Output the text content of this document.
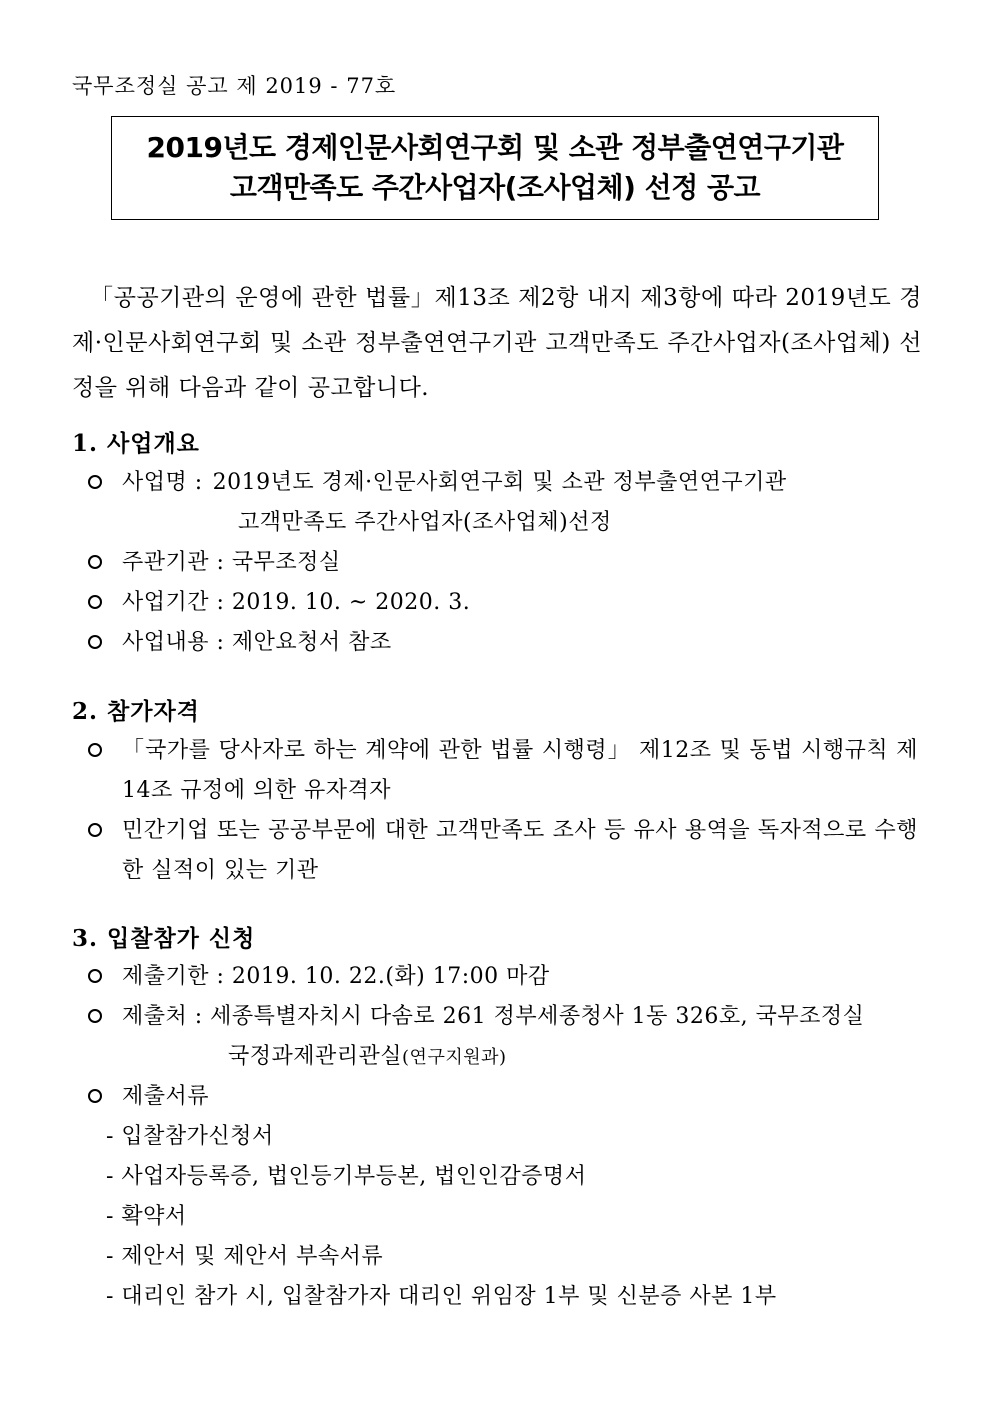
국무조정실 공고 제 2019 - 77호
2019년도 경제인문사회연구회 및 소관 정부출연연구기관
고객만족도 주간사업자(조사업체) 선정 공고
「공공기관의 운영에 관한 법률」제13조 제2항 내지 제3항에 따라 2019년도 경제·인문사회연구회 및 소관 정부출연연구기관 고객만족도 주간사업자(조사업체) 선정을 위해 다음과 같이 공고합니다.
1. 사업개요
사업명 : 2019년도 경제·인문사회연구회 및 소관 정부출연연구기관
고객만족도 주간사업자(조사업체)선정
주관기관 : 국무조정실
사업기간 : 2019. 10. ~ 2020. 3.
사업내용 : 제안요청서 참조
2. 참가자격
「국가를 당사자로 하는 계약에 관한 법률 시행령」 제12조 및 동법 시행규칙 제14조 규정에 의한 유자격자
민간기업 또는 공공부문에 대한 고객만족도 조사 등 유사 용역을 독자적으로 수행한 실적이 있는 기관
3. 입찰참가 신청
제출기한 : 2019. 10. 22.(화) 17:00 마감
제출처 : 세종특별자치시 다솜로 261 정부세종청사 1동 326호, 국무조정실
국정과제관리관실(연구지원과)
제출서류
- 입찰참가신청서
- 사업자등록증, 법인등기부등본, 법인인감증명서
- 확약서
- 제안서 및 제안서 부속서류
- 대리인 참가 시, 입찰참가자 대리인 위임장 1부 및 신분증 사본 1부
